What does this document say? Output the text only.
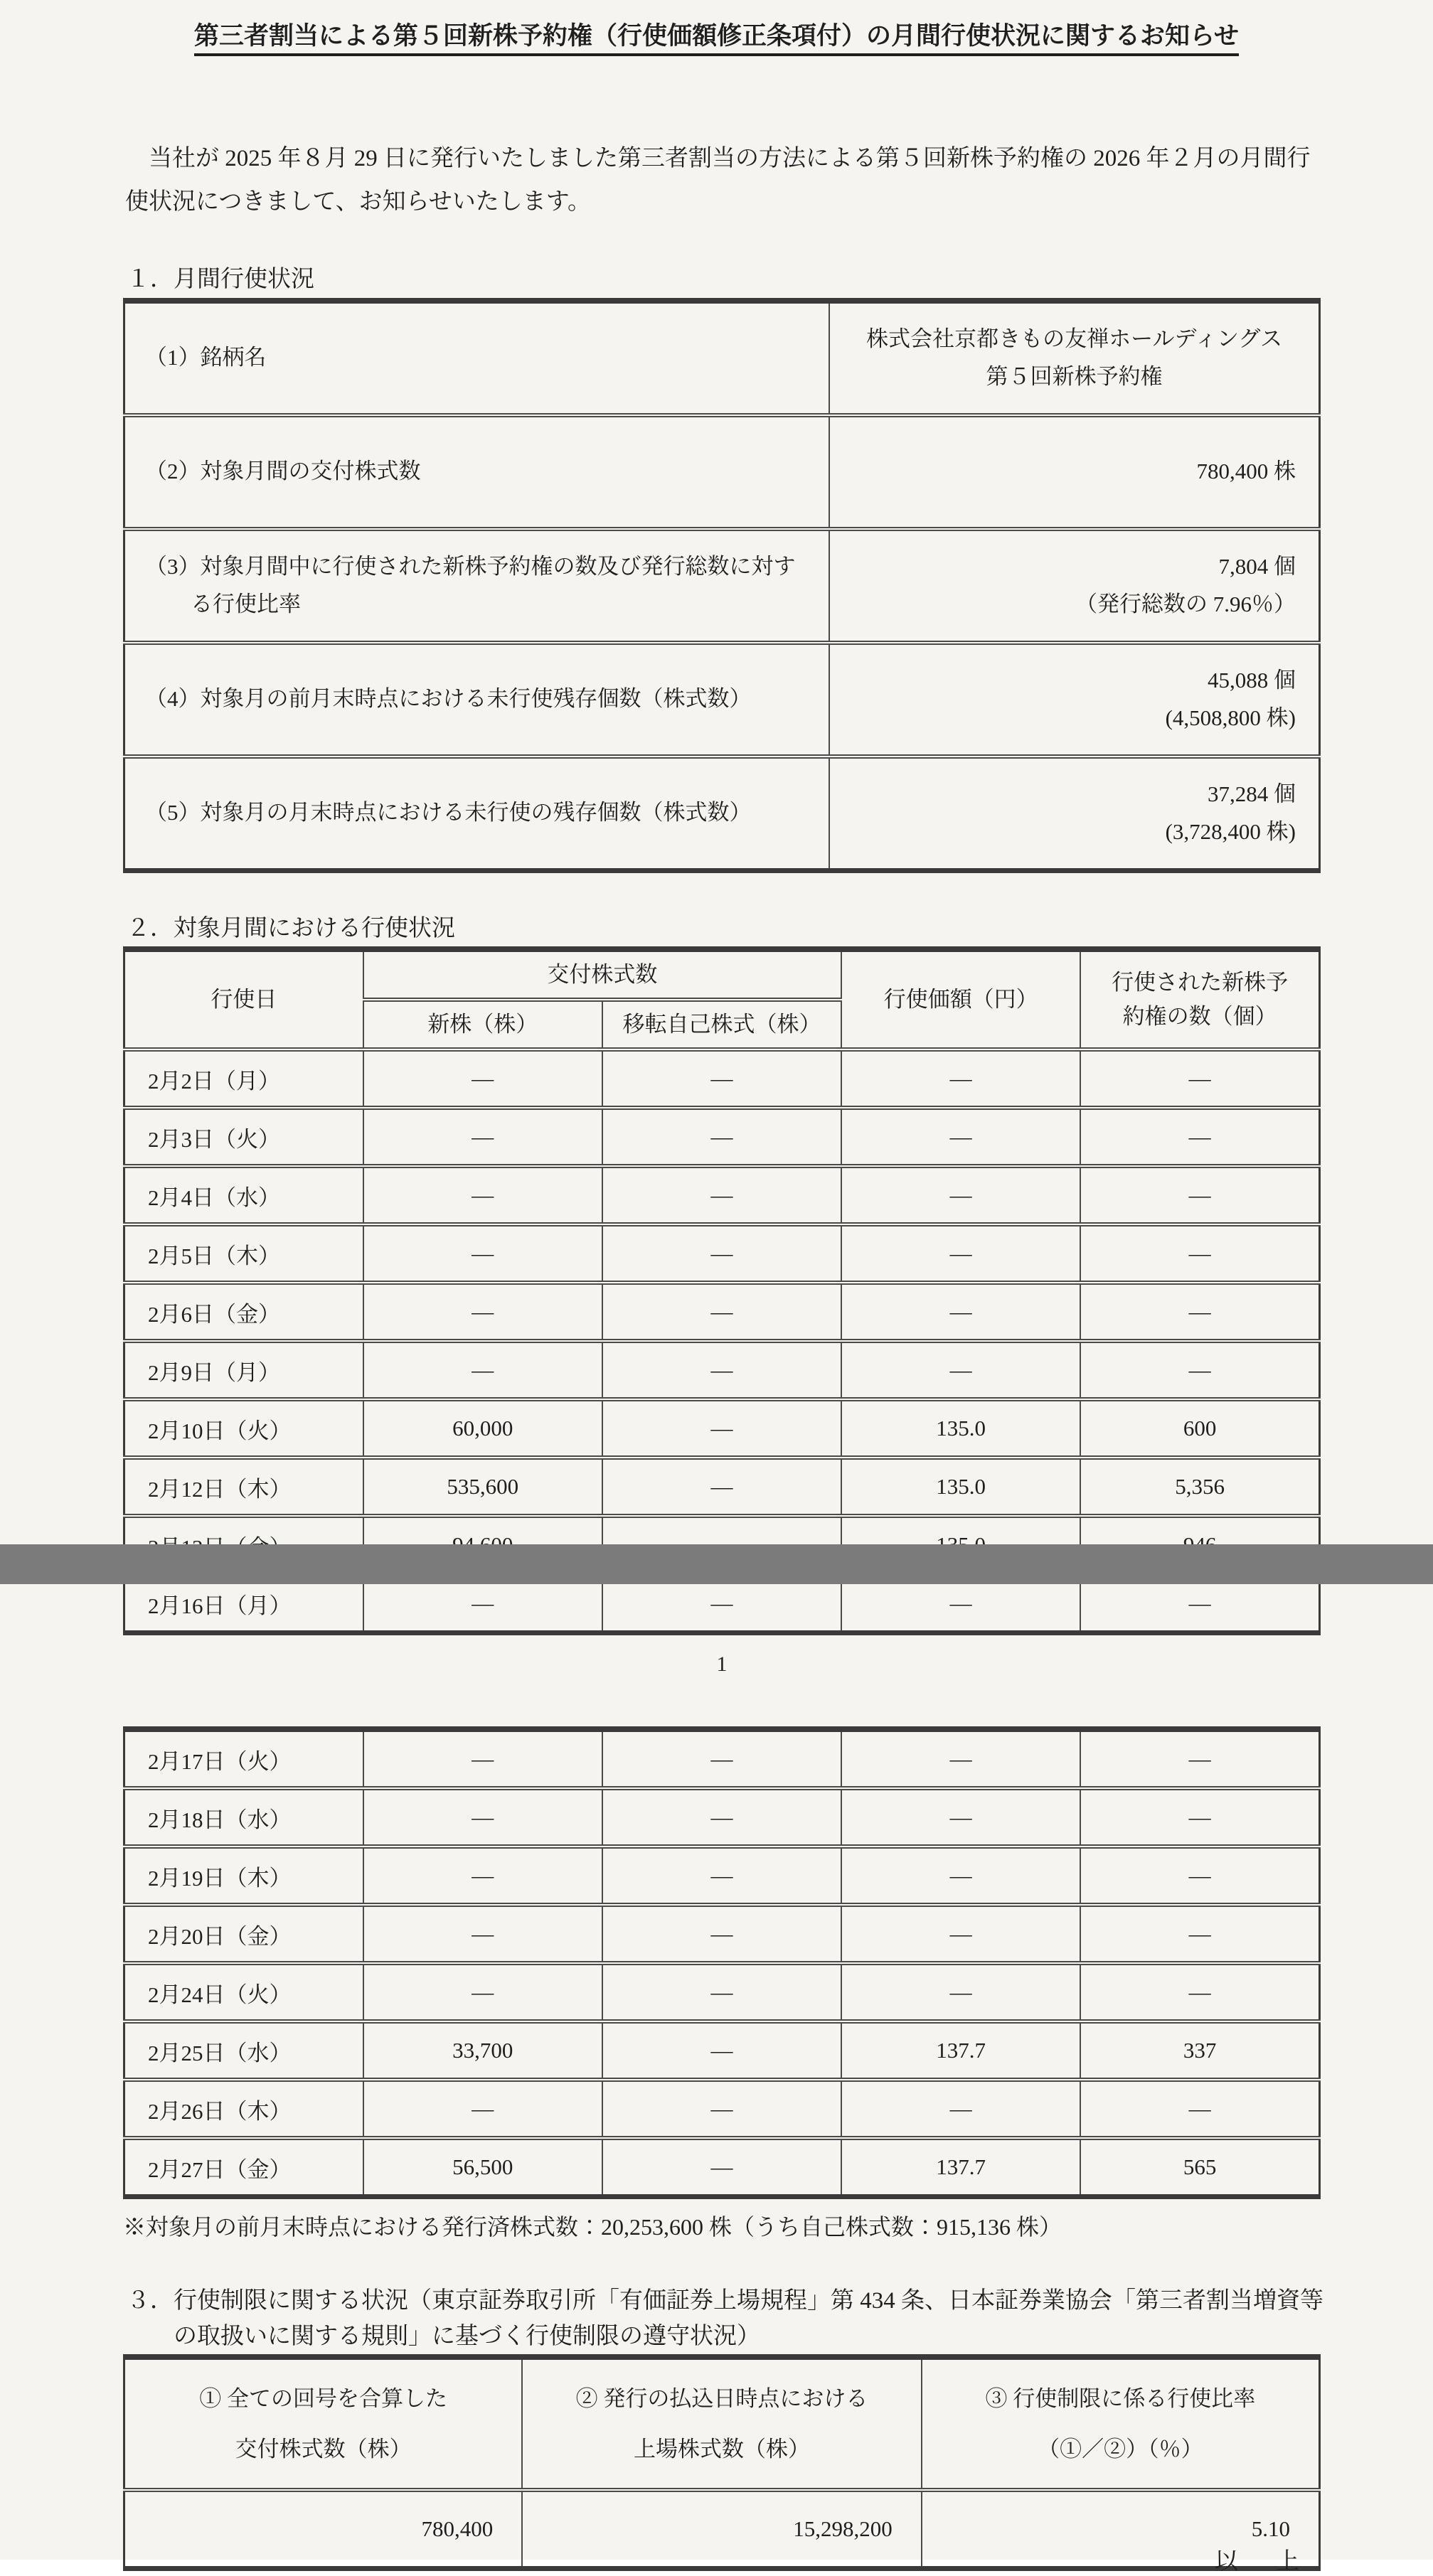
第三者割当による第５回新株予約権（行使価額修正条項付）の月間行使状況に関するお知らせ

当社が 2025 年８月 29 日に発行いたしました第三者割当の方法による第５回新株予約権の 2026 年２月の月間行使状況につきまして、お知らせいたします。

１．月間行使状況
（1）銘柄名	株式会社京都きもの友禅ホールディングス
第５回新株予約権

（2）対象月間の交付株式数	780,400 株

（3）対象月間中に行使された新株予約権の数及び発行総数に対する行使比率	7,804 個
（発行総数の 7.96％）

（4）対象月の前月末時点における未行使残存個数（株式数）	45,088 個
(4,508,800 株)

（5）対象月の月末時点における未行使の残存個数（株式数）	37,284 個
(3,728,400 株)
２．対象月間における行使状況
行使日	交付株式数		行使価額（円）	行使された新株予約権の数（個）
	新株（株）	移転自己株式（株）		
2月2日（月）	―	―	―	―
2月3日（火）	―	―	―	―
2月4日（水）	―	―	―	―
2月5日（木）	―	―	―	―
2月6日（金）	―	―	―	―
2月9日（月）	―	―	―	―
2月10日（火）	60,000	―	135.0	600
2月12日（木）	535,600	―	135.0	5,356

2月16日（月）	―	―	―	―
1
2月17日（火）	―	―	―	―
2月18日（水）	―	―	―	―
2月19日（木）	―	―	―	―
2月20日（金）	―	―	―	―
2月24日（火）	―	―	―	―
2月25日（水）	33,700	―	137.7	337
2月26日（木）	―	―	―	―
2月27日（金）	56,500	―	137.7	565
※対象月の前月末時点における発行済株式数：20,253,600 株（うち自己株式数：915,136 株）
３．行使制限に関する状況（東京証券取引所「有価証券上場規程」第 434 条、日本証券業協会「第三者割当増資等の取扱いに関する規則」に基づく行使制限の遵守状況）
① 全ての回号を合算した交付株式数（株）	② 発行の払込日時点における上場株式数（株）	③ 行使制限に係る行使比率（①／②）（％）
780,400	15,298,200	5.10
以　上
